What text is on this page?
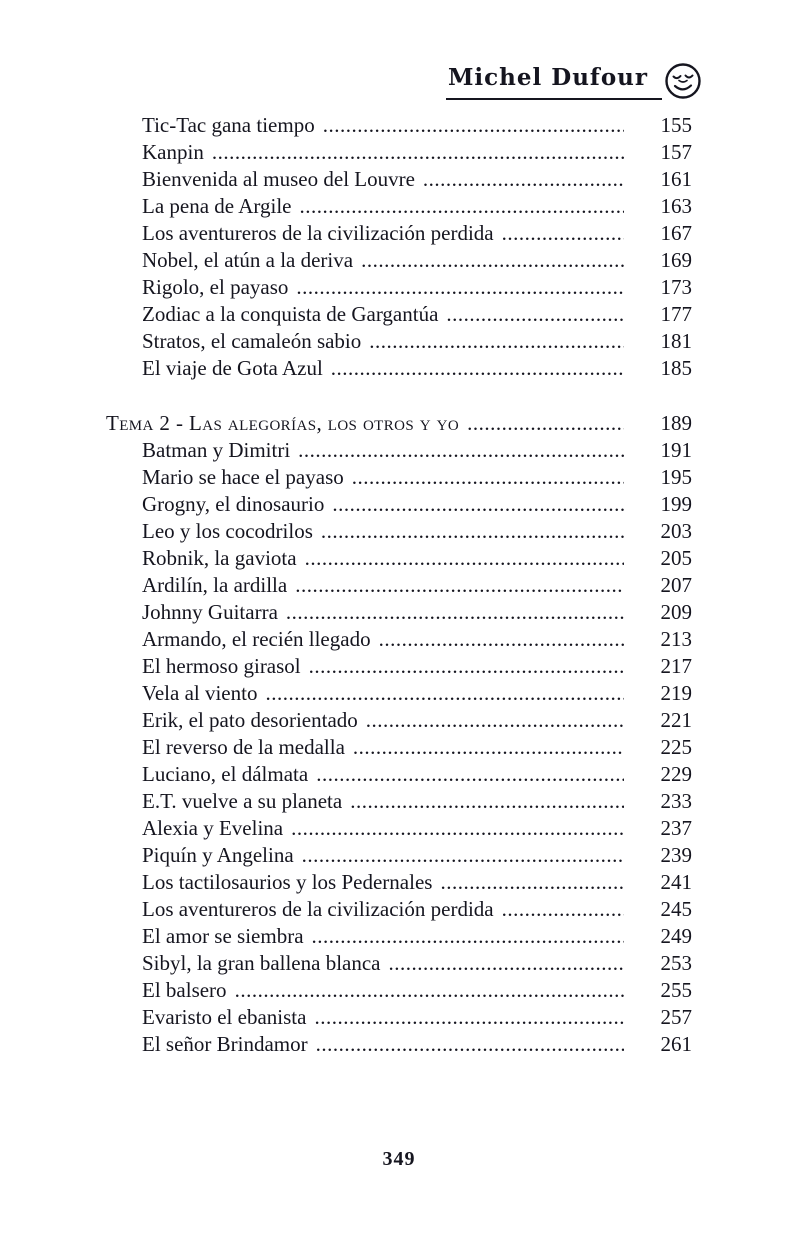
Michel Dufour
Tic-Tac gana tiempo .....	155
Kanpin .....	157
Bienvenida al museo del Louvre .....	161
La pena de Argile .....	163
Los aventureros de la civilización perdida .....	167
Nobel, el atún a la deriva .....	169
Rigolo, el payaso .....	173
Zodiac a la conquista de Gargantúa .....	177
Stratos, el camaleón sabio .....	181
El viaje de Gota Azul .....	185
Tema 2 - Las alegorías, los otros y yo .....	189
Batman y Dimitri .....	191
Mario se hace el payaso .....	195
Grogny, el dinosaurio .....	199
Leo y los cocodrilos .....	203
Robnik, la gaviota .....	205
Ardilín, la ardilla .....	207
Johnny Guitarra .....	209
Armando, el recién llegado .....	213
El hermoso girasol .....	217
Vela al viento .....	219
Erik, el pato desorientado .....	221
El reverso de la medalla .....	225
Luciano, el dálmata .....	229
E.T. vuelve a su planeta .....	233
Alexia y Evelina .....	237
Piquín y Angelina .....	239
Los tactilosaurios y los Pedernales .....	241
Los aventureros de la civilización perdida .....	245
El amor se siembra .....	249
Sibyl, la gran ballena blanca .....	253
El balsero .....	255
Evaristo el ebanista .....	257
El señor Brindamor .....	261
349
